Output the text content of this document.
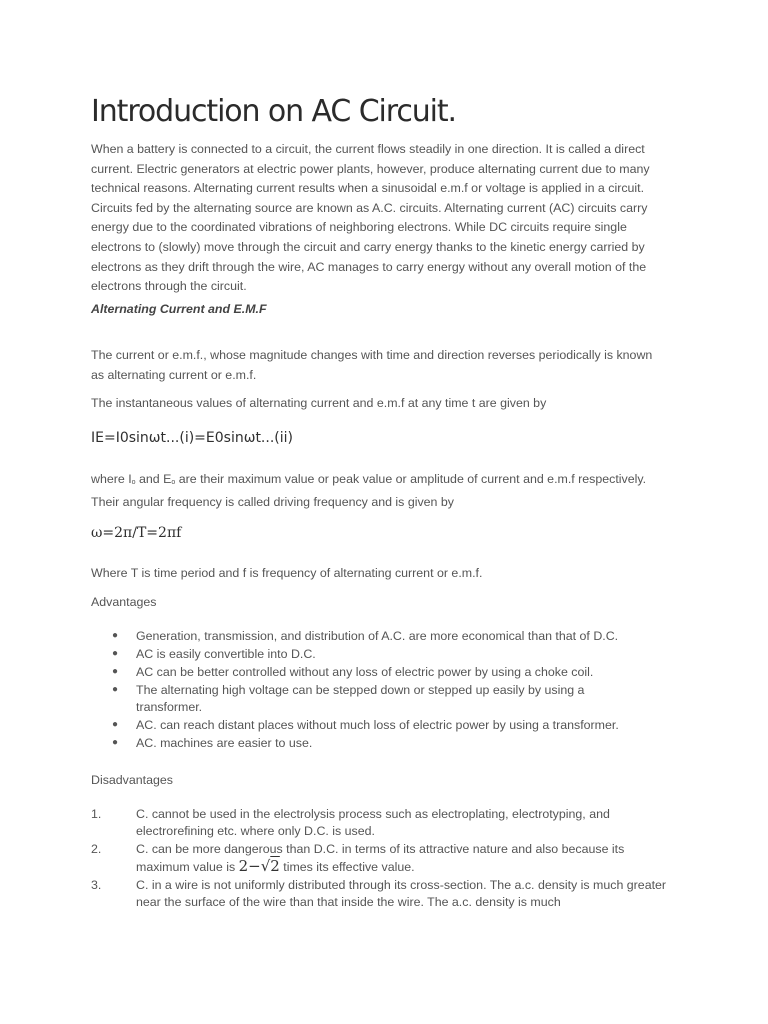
Introduction on AC Circuit.

When a battery is connected to a circuit, the current flows steadily in one direction. It is called a direct current. Electric generators at electric power plants, however, produce alternating current due to many technical reasons. Alternating current results when a sinusoidal e.m.f or voltage is applied in a circuit. Circuits fed by the alternating source are known as A.C. circuits. Alternating current (AC) circuits carry energy due to the coordinated vibrations of neighboring electrons. While DC circuits require single electrons to (slowly) move through the circuit and carry energy thanks to the kinetic energy carried by electrons as they drift through the wire, AC manages to carry energy without any overall motion of the electrons through the circuit.

Alternating Current and E.M.F

The current or e.m.f., whose magnitude changes with time and direction reverses periodically is known as alternating current or e.m.f.

The instantaneous values of alternating current and e.m.f at any time t are given by

IE=I0sinωt...(i)=E0sinωt...(ii)

where $I_o$ and $E_o$ are their maximum value or peak value or amplitude of current and e.m.f respectively. Their angular frequency is called driving frequency and is given by

ω=2π/T=2πf

Where T is time period and f is frequency of alternating current or e.m.f.

Advantages

● Generation, transmission, and distribution of A.C. are more economical than that of D.C.
● AC is easily convertible into D.C.
● AC can be better controlled without any loss of electric power by using a choke coil.
● The alternating high voltage can be stepped down or stepped up easily by using a transformer.
● AC. can reach distant places without much loss of electric power by using a transformer.
● AC. machines are easier to use.

Disadvantages

1.	C. cannot be used in the electrolysis process such as electroplating, electrotyping, and electrorefining etc. where only D.C. is used.
2.	C. can be more dangerous than D.C. in terms of its attractive nature and also because its maximum value is 2−√2 times its effective value.
3.	C. in a wire is not uniformly distributed through its cross-section. The a.c. density is much greater near the surface of the wire than that inside the wire. The a.c. density is much
